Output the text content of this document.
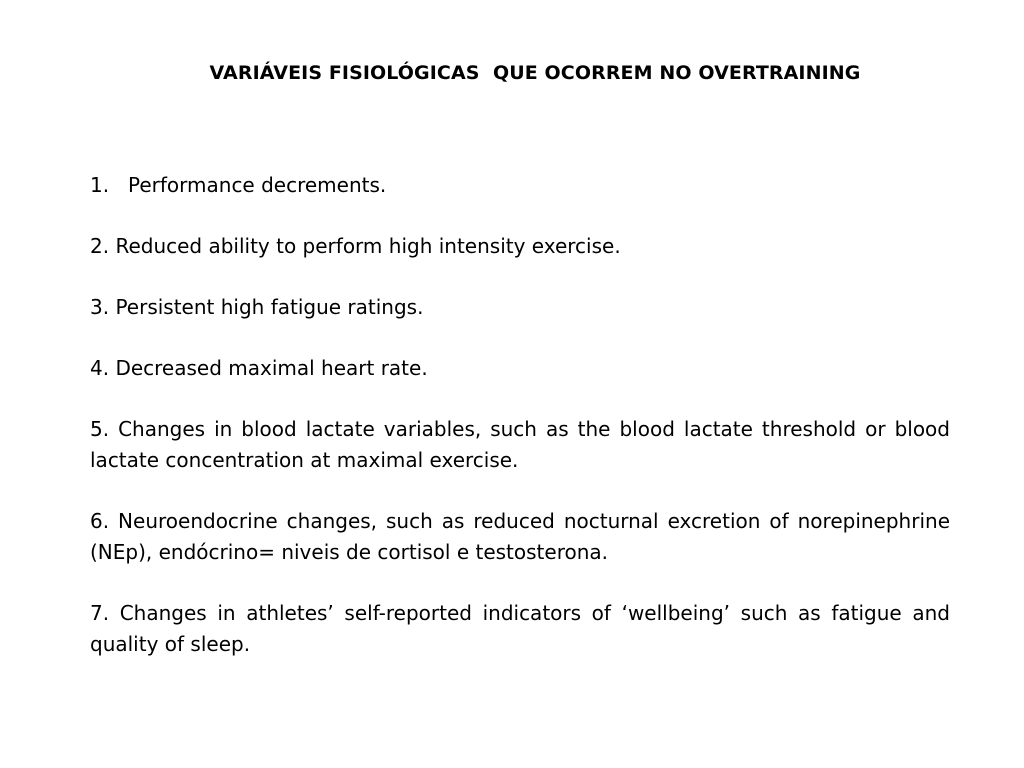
VARIÁVEIS FISIOLÓGICAS  QUE OCORREM NO OVERTRAINING
1. Performance decrements.
2. Reduced ability to perform high intensity exercise.
3. Persistent high fatigue ratings.
4. Decreased maximal heart rate.
5. Changes in blood lactate variables, such as the blood lactate threshold or blood lactate concentration at maximal exercise.
6. Neuroendocrine changes, such as reduced nocturnal excretion of norepinephrine (NEp), endócrino= niveis de cortisol e testosterona.
7. Changes in athletes’ self-reported indicators of ‘wellbeing’ such as fatigue and quality of sleep.
